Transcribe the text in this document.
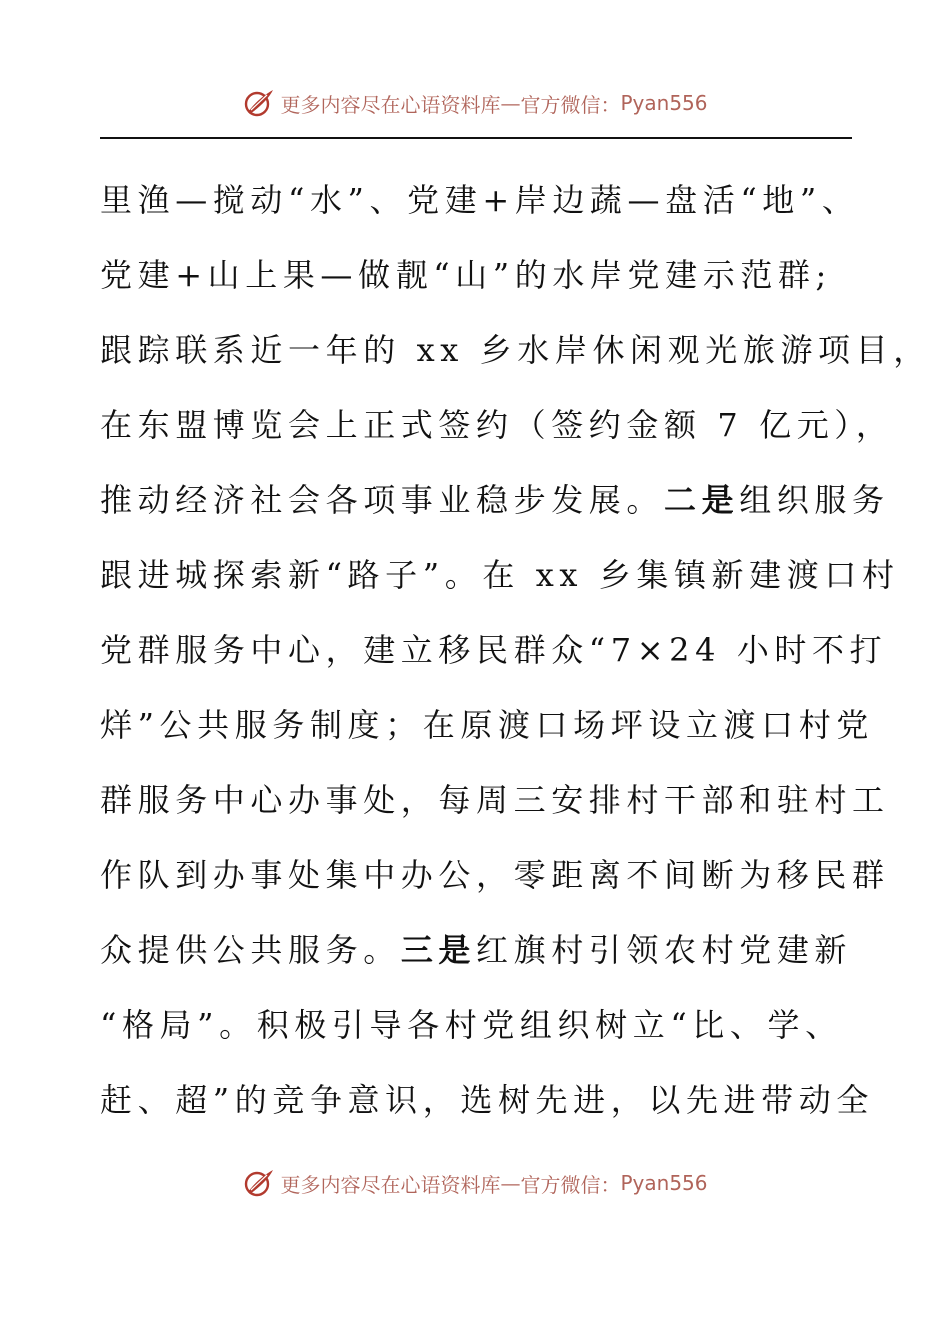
更多内容尽在心语资料库 — 官方微信： Pyan556
里渔—搅动“水”、党建+岸边蔬—盘活“地”、
党建+山上果—做靓“山”的水岸党建示范群;
跟踪联系近一年的 xx 乡水岸休闲观光旅游项目，
在东盟博览会上正式签约（签约金额 7 亿元），
推动经济社会各项事业稳步发展。二是组织服务
跟进城探索新“路子”。在 xx 乡集镇新建渡口村
党群服务中心，建立移民群众“7×24 小时不打
烊”公共服务制度；在原渡口场坪设立渡口村党
群服务中心办事处，每周三安排村干部和驻村工
作队到办事处集中办公，零距离不间断为移民群
众提供公共服务。三是红旗村引领农村党建新
“格局”。积极引导各村党组织树立“比、学、
赶、超”的竞争意识，选树先进，以先进带动全
更多内容尽在心语资料库 — 官方微信： Pyan556
